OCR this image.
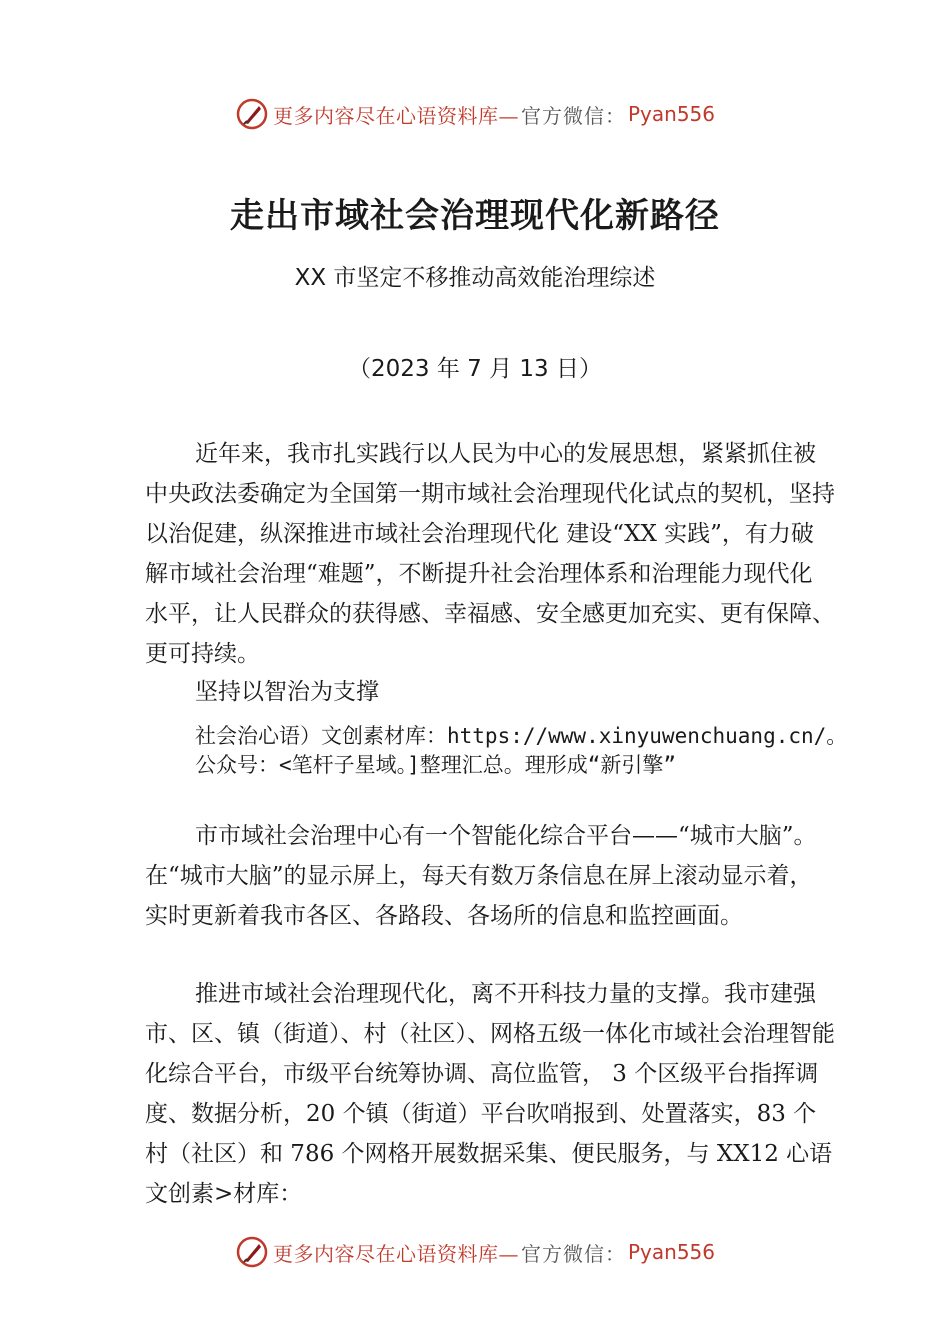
更多内容尽在心语资料库— 官方微信： Pyan556
走出市域社会治理现代化新路径
XX 市坚定不移推动高效能治理综述
（2023 年 7 月 13 日）
近年来，我市扎实践行以人民为中心的发展思想，紧紧抓住被中央政法委确定为全国第一期市域社会治理现代化试点的契机，坚持以治促建，纵深推进市域社会治理现代化 建设“XX 实践”，有力破解市域社会治理“难题”，不断提升社会治理体系和治理能力现代化水平，让人民群众的获得感、幸福感、安全感更加充实、更有保障、更可持续。
坚持以智治为支撑
社会治心语）文创素材库：https://www.xinyuwenchuang.cn/。公众号：<笔杆子星域。]整理汇总。理形成“新引擎”
市市域社会治理中心有一个智能化综合平台——“城市大脑”。在“城市大脑”的显示屏上，每天有数万条信息在屏上滚动显示着，实时更新着我市各区、各路段、各场所的信息和监控画面。
推进市域社会治理现代化，离不开科技力量的支撑。我市建强市、区、镇（街道）、村（社区）、网格五级一体化市域社会治理智能化综合平台，市级平台统筹协调、高位监管， 3 个区级平台指挥调度、数据分析，20 个镇（街道）平台吹哨报到、处置落实，83 个村（社区）和 786 个网格开展数据采集、便民服务，与 XX12 心语文创素>材库：
更多内容尽在心语资料库— 官方微信： Pyan556
